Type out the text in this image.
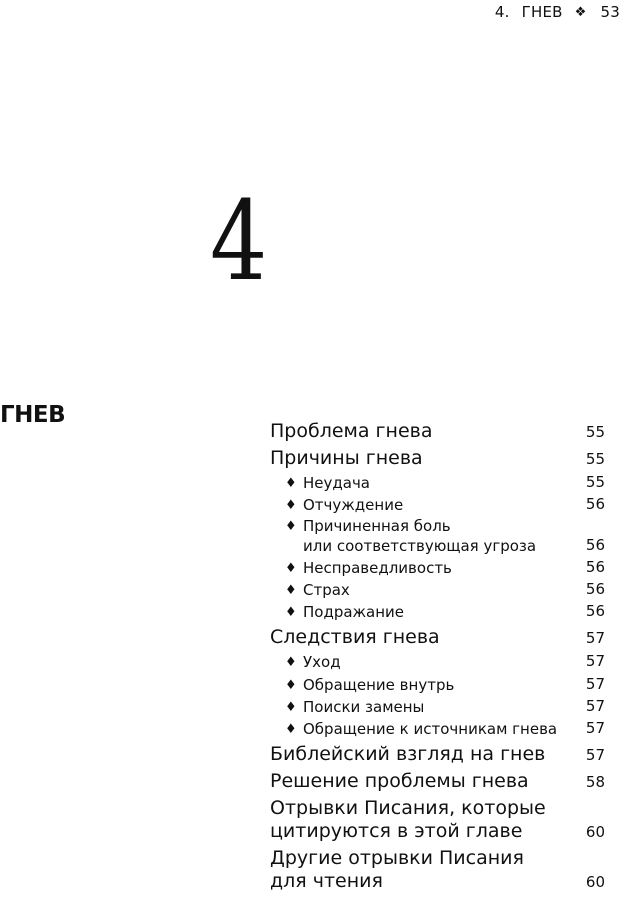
4. ГНЕВ ❖ 53
4
ГНЕВ
Проблема гнева	55
Причины гнева	55
♦ Неудача	55
♦ Отчуждение	56
♦ Причиненная боль
или соответствующая угроза	56
♦ Несправедливость	56
♦ Страх	56
♦ Подражание	56
Следствия гнева	57
♦ Уход	57
♦ Обращение внутрь	57
♦ Поиски замены	57
♦ Обращение к источникам гнева	57
Библейский взгляд на гнев	57
Решение проблемы гнева	58
Отрывки Писания, которые
цитируются в этой главе	60
Другие отрывки Писания
для чтения	60
